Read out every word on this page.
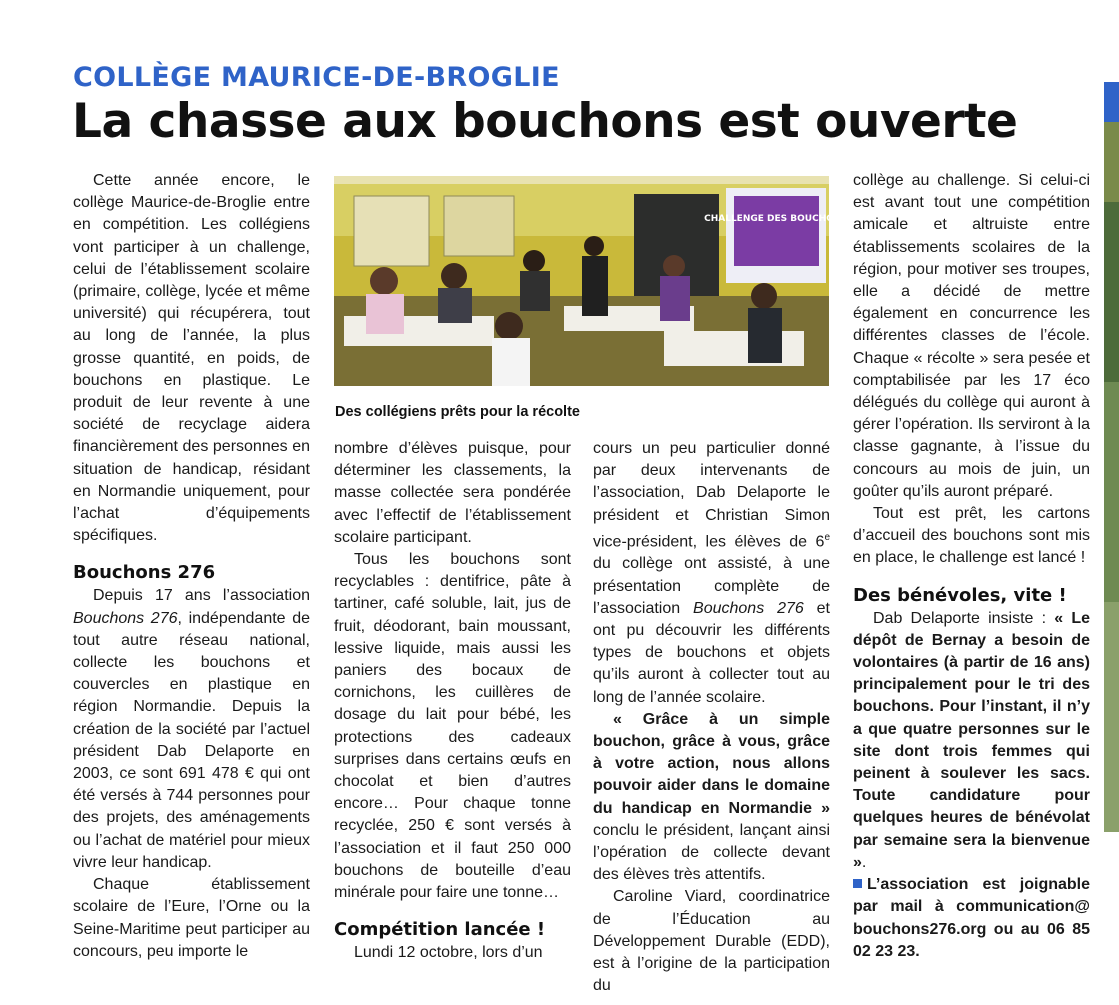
COLLÈGE MAURICE-DE-BROGLIE
La chasse aux bouchons est ouverte

Cette année encore, le collège Maurice-de-Broglie entre en compétition. Les collégiens vont participer à un challenge, celui de l’établissement scolaire (primaire, collège, lycée et même université) qui récupérera, tout au long de l’année, la plus grosse quantité, en poids, de bouchons en plastique. Le produit de leur revente à une société de recyclage aidera financièrement des personnes en situation de handicap, résidant en Normandie uniquement, pour l’achat d’équipements spécifiques.

Bouchons 276

Depuis 17 ans l’association Bouchons 276, indépendante de tout autre réseau national, collecte les bouchons et couvercles en plastique en région Normandie. Depuis la création de la société par l’actuel président Dab Delaporte en 2003, ce sont 691 478 € qui ont été versés à 744 personnes pour des projets, des aménagements ou l’achat de matériel pour mieux vivre leur handicap.

Chaque établissement scolaire de l’Eure, l’Orne ou la Seine-Maritime peut participer au concours, peu importe le

CHALLENGE DES BOUCHONS
Des collégiens prêts pour la récolte

nombre d’élèves puisque, pour déterminer les classements, la masse collectée sera pondérée avec l’effectif de l’établissement scolaire participant.

Tous les bouchons sont recyclables : dentifrice, pâte à tartiner, café soluble, lait, jus de fruit, déodorant, bain moussant, lessive liquide, mais aussi les paniers des bocaux de cornichons, les cuillères de dosage du lait pour bébé, les protections des cadeaux surprises dans certains œufs en chocolat et bien d’autres encore… Pour chaque tonne recyclée, 250 € sont versés à l’association et il faut 250 000 bouchons de bouteille d’eau minérale pour faire une tonne…

Compétition lancée !

Lundi 12 octobre, lors d’un

cours un peu particulier donné par deux intervenants de l’association, Dab Delaporte le président et Christian Simon vice-président, les élèves de 6e du collège ont assisté, à une présentation complète de l’association Bouchons 276 et ont pu découvrir les différents types de bouchons et objets qu’ils auront à collecter tout au long de l’année scolaire.

« Grâce à un simple bouchon, grâce à vous, grâce à votre action, nous allons pouvoir aider dans le domaine du handicap en Normandie » conclu le président, lançant ainsi l’opération de collecte devant des élèves très attentifs.

Caroline Viard, coordinatrice de l’Éducation au Développement Durable (EDD), est à l’origine de la participation du

collège au challenge. Si celui-ci est avant tout une compétition amicale et altruiste entre établissements scolaires de la région, pour motiver ses troupes, elle a décidé de mettre également en concurrence les différentes classes de l’école. Chaque « récolte » sera pesée et comptabilisée par les 17 éco délégués du collège qui auront à gérer l’opération. Ils serviront à la classe gagnante, à l’issue du concours au mois de juin, un goûter qu’ils auront préparé.

Tout est prêt, les cartons d’accueil des bouchons sont mis en place, le challenge est lancé !

Des bénévoles, vite !

Dab Delaporte insiste : « Le dépôt de Bernay a besoin de volontaires (à partir de 16 ans) principalement pour le tri des bouchons. Pour l’instant, il n’y a que quatre personnes sur le site dont trois femmes qui peinent à soulever les sacs. Toute candidature pour quelques heures de bénévolat par semaine sera la bienvenue ».

L’association est joignable par mail à communication@ bouchons276.org ou au 06 85 02 23 23.
